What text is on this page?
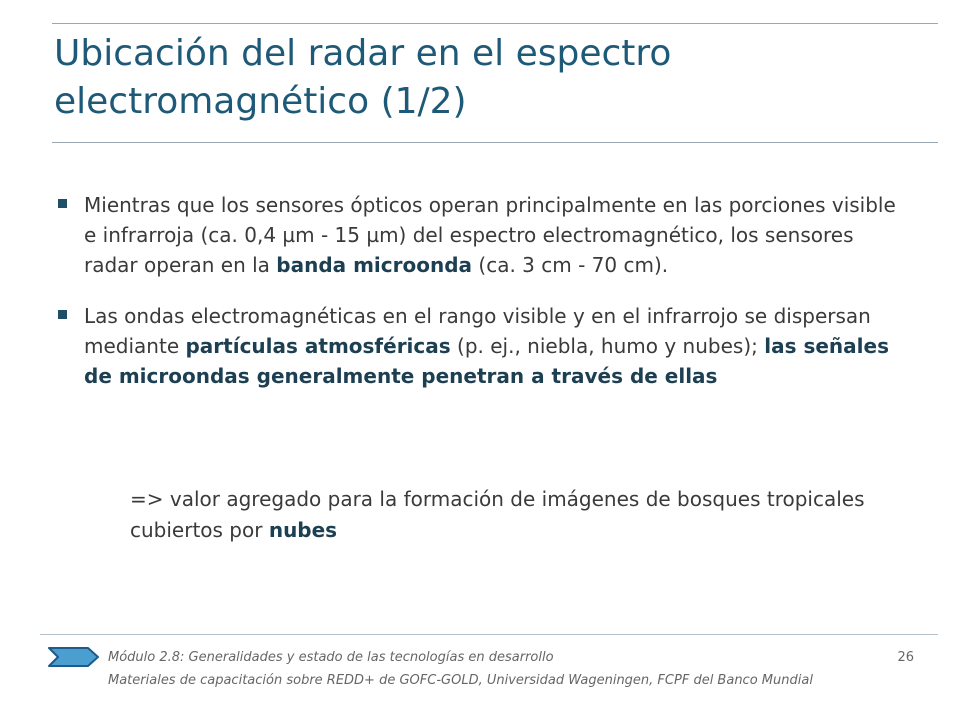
Ubicación del radar en el espectro electromagnético (1/2)
Mientras que los sensores ópticos operan principalmente en las porciones visible e infrarroja (ca. 0,4 µm - 15 µm) del espectro electromagnético, los sensores radar operan en la banda microonda (ca. 3 cm - 70 cm).
Las ondas electromagnéticas en el rango visible y en el infrarrojo se dispersan mediante partículas atmosféricas (p. ej., niebla, humo y nubes); las señales de microondas generalmente penetran a través de ellas
=> valor agregado para la formación de imágenes de bosques tropicales cubiertos por nubes
Módulo 2.8: Generalidades y estado de las tecnologías en desarrollo
Materiales de capacitación sobre REDD+ de GOFC-GOLD, Universidad Wageningen, FCPF del Banco Mundial
26
